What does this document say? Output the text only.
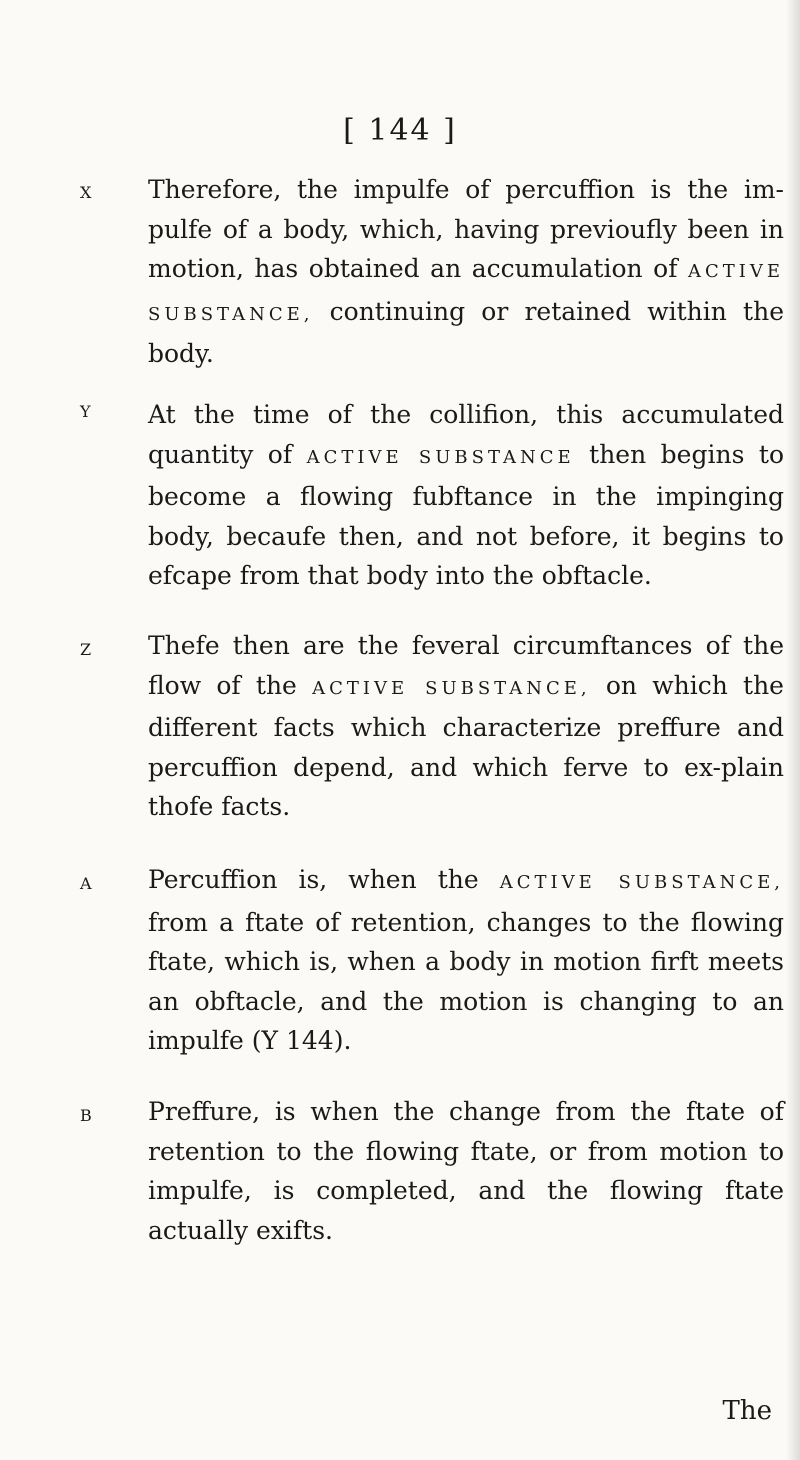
[ 144 ]
X Therefore, the impulfe of percuffion is the im-pulfe of a body, which, having previoufly been in motion, has obtained an accumulation of ACTIVE SUBSTANCE, continuing or retained within the body.
Y At the time of the collifion, this accumulated quantity of ACTIVE SUBSTANCE then begins to become a flowing fubftance in the impinging body, becaufe then, and not before, it begins to efcape from that body into the obftacle.
Z Thefe then are the feveral circumftances of the flow of the ACTIVE SUBSTANCE, on which the different facts which characterize preffure and percuffion depend, and which ferve to ex-plain thofe facts.
A Percuffion is, when the ACTIVE SUBSTANCE, from a ftate of retention, changes to the flowing ftate, which is, when a body in motion firft meets an obftacle, and the motion is changing to an impulfe (Y 144).
B Preffure, is when the change from the ftate of retention to the flowing ftate, or from motion to impulfe, is completed, and the flowing ftate actually exifts.
The
